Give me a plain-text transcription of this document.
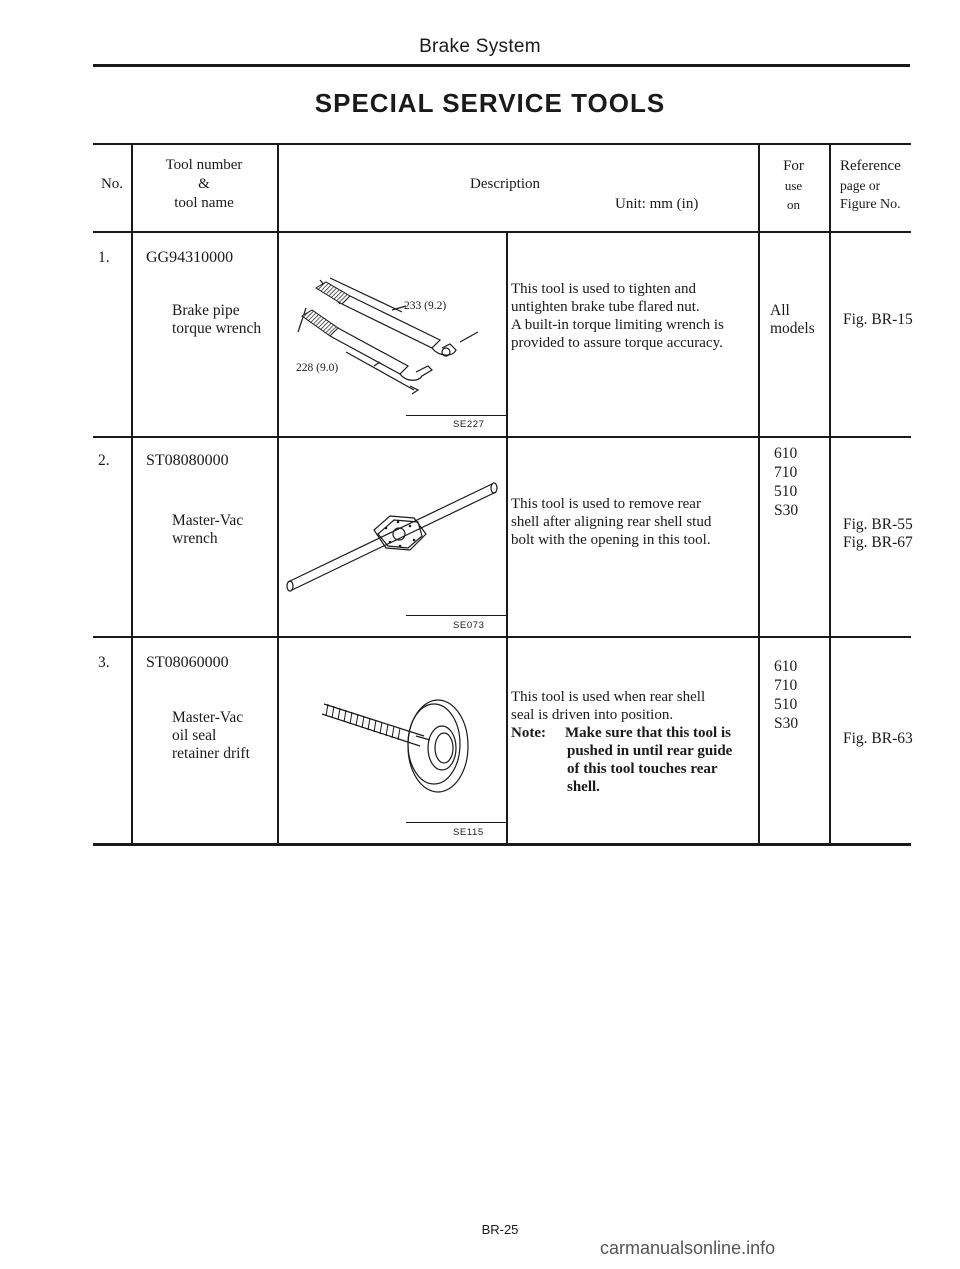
Brake System
SPECIAL SERVICE TOOLS
No.
Tool number
&
tool name
Description
Unit: mm (in)
For
use
on
Reference
page or
Figure No.
1. GG94310000
Brake pipe
torque wrench
233 (9.2)
228 (9.0)
SE227
This tool is used to tighten and
untighten brake tube flared nut.
A built-in torque limiting wrench is
provided to assure torque accuracy.
All
models
Fig. BR-15
2. ST08080000
Master-Vac
wrench
SE073
This tool is used to remove rear
shell after aligning rear shell stud
bolt with the opening in this tool.
610
710
510
S30
Fig. BR-55
Fig. BR-67
3. ST08060000
Master-Vac
oil seal
retainer drift
SE115
This tool is used when rear shell
seal is driven into position.
Note:	Make sure that this tool is
pushed in until rear guide
of this tool touches rear
shell.
610
710
510
S30
Fig. BR-63
BR-25
carmanualsonline.info
